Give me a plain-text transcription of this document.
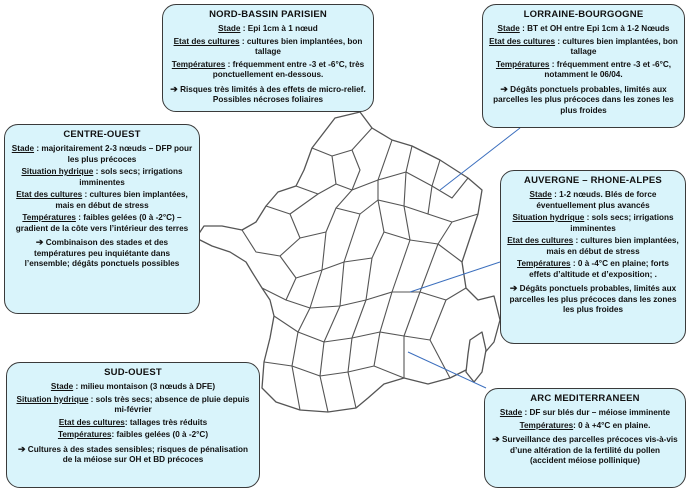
NORD-BASSIN PARISIEN
Stade : Epi 1cm à 1 nœud
Etat des cultures : cultures bien implantées, bon tallage
Températures : fréquemment entre -3 et -6°C, très ponctuellement en-dessous.
➔ Risques très limités à des effets de micro-relief. Possibles nécroses foliaires
LORRAINE-BOURGOGNE
Stade : BT et OH entre Epi 1cm à 1-2 Nœuds
Etat des cultures : cultures bien implantées, bon tallage
Températures : fréquemment entre -3 et -6°C, notamment le 06/04.
➔ Dégâts ponctuels probables, limités aux parcelles les plus précoces dans les zones les plus froides
CENTRE-OUEST
Stade : majoritairement 2-3 nœuds – DFP pour les plus précoces
Situation hydrique : sols secs; irrigations imminentes
Etat des cultures : cultures bien implantées, mais en début de stress
Températures : faibles gelées (0 à -2°C) – gradient de la côte vers l’intérieur des terres
➔ Combinaison des stades et des températures peu inquiétante dans l’ensemble; dégâts ponctuels possibles
AUVERGNE – RHONE-ALPES
Stade : 1-2 nœuds. Blés de force éventuellement plus avancés
Situation hydrique : sols secs; irrigations imminentes
Etat des cultures : cultures bien implantées, mais en début de stress
Températures : 0 à -4°C en plaine; forts effets d’altitude et d’exposition; .
➔ Dégâts ponctuels probables, limités aux parcelles les plus précoces dans les zones les plus froides
SUD-OUEST
Stade : milieu montaison (3 nœuds à DFE)
Situation hydrique : sols très secs; absence de pluie depuis mi-février
Etat des cultures: tallages très réduits
Températures: faibles gelées (0 à -2°C)
➔ Cultures à des stades sensibles; risques de pénalisation de la méiose sur OH et BD précoces
ARC MEDITERRANEEN
Stade : DF sur blés dur – méiose imminente
Températures: 0 à +4°C en plaine.
➔ Surveillance des parcelles précoces vis-à-vis d’une altération de la fertilité du pollen (accident méiose pollinique)
